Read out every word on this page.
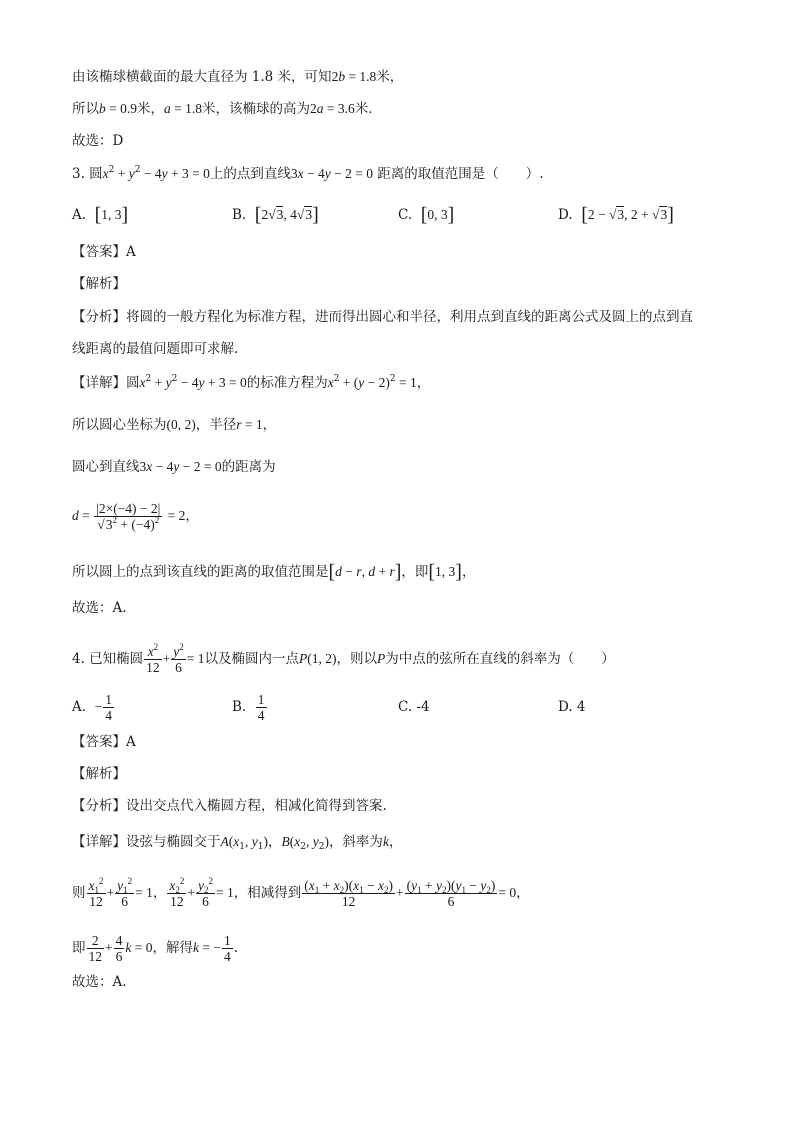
由该椭球横截面的最大直径为 1.8 米，可知2b = 1.8米，
所以b = 0.9米，a = 1.8米，该椭球的高为2a = 3.6米．
故选：D
3. 圆$x^2 + y^2 - 4y + 3 = 0$上的点到直线3x − 4y − 2 = 0 距离的取值范围是（　　）.
A.  [1, 3]	B.  [2√3, 4√3]	C.  [0, 3]	D.  [2 − √3, 2 + √3]
【答案】A
【解析】
【分析】将圆的一般方程化为标准方程，进而得出圆心和半径，利用点到直线的距离公式及圆上的点到直
线距离的最值问题即可求解.
【详解】圆$x^2 + y^2 - 4y + 3 = 0$的标准方程为$x^2 + (y - 2)^2 = 1$，
所以圆心坐标为(0, 2)，半径r = 1，
圆心到直线3x − 4y − 2 = 0的距离为
$d = \frac{|2\times(-4) - 2|}{√3^2 + (-4)^2} = 2$，
所以圆上的点到该直线的距离的取值范围是[d − r, d + r]，即[1, 3]，
故选：A.
4. 已知椭圆 $\frac{x^2}{12} + \frac{y^2}{6} = 1$以及椭圆内一点P(1, 2)，则以P为中点的弦所在直线的斜率为（　　）
A.  − $\frac{1}{4}$	B. $\frac{1}{4}$	C. -4	D. 4
【答案】A
【解析】
【分析】设出交点代入椭圆方程，相减化简得到答案.
【详解】设弦与椭圆交于$A(x_1$, $y_1$)，$B(x_2$, $y_2$)，斜率为k，
则 $\frac{x_1^2}{12} + \frac{y_1^2}{6} = 1$， $\frac{x_2^2}{12} + \frac{y_2^2}{6} = 1$，相减得到 $\frac{(x_1 + x_2)(x_1 - x_2)}{12} + \frac{(y_1 + y_2)(y_1 - y_2)}{6} = 0$，
即 $\frac{2}{12} + \frac{4}{6}$ k = 0，解得k = − $\frac{1}{4}$ .
故选：A.
